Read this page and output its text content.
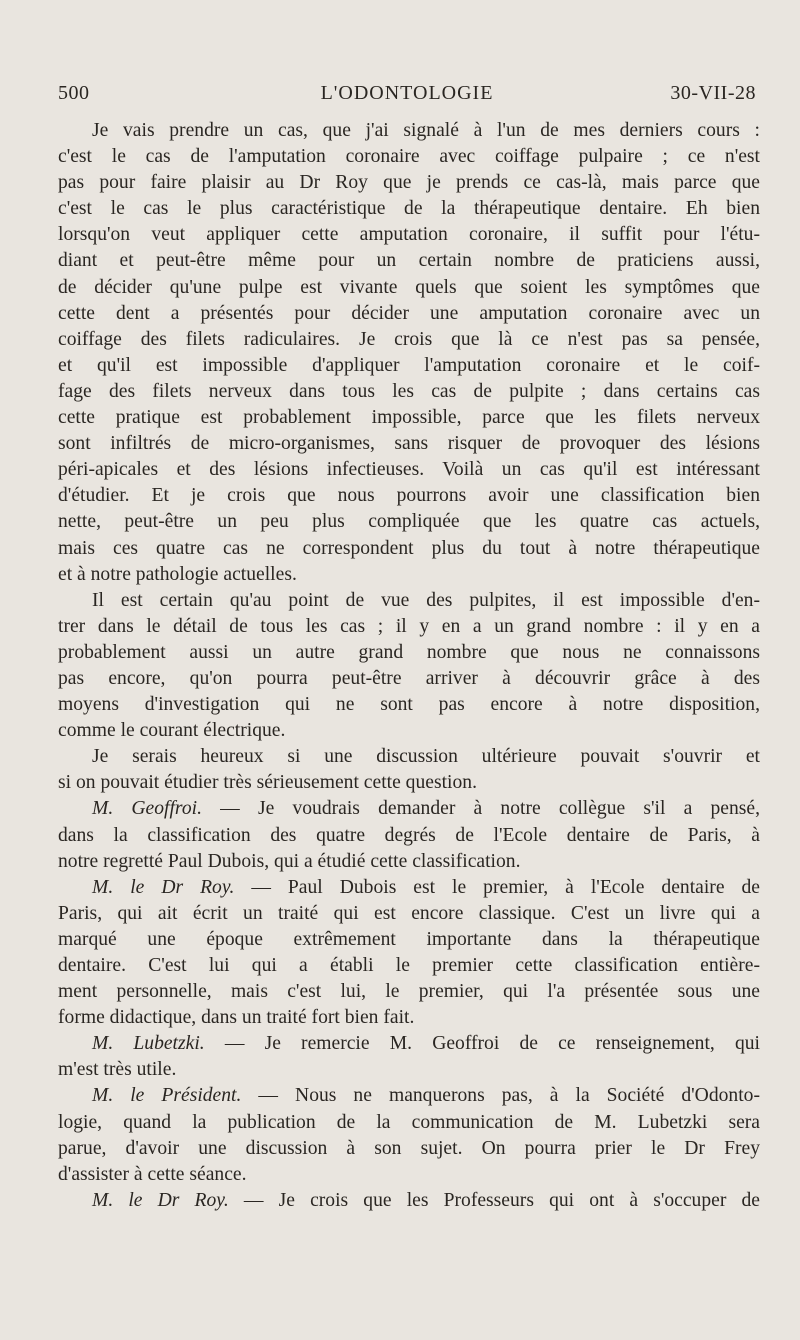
L'ODONTOLOGIE
500	30-VII-28
Je vais prendre un cas, que j'ai signalé à l'un de mes derniers cours :
c'est le cas de l'amputation coronaire avec coiffage pulpaire ; ce n'est
pas pour faire plaisir au Dr Roy que je prends ce cas-là, mais parce que
c'est le cas le plus caractéristique de la thérapeutique dentaire. Eh bien
lorsqu'on veut appliquer cette amputation coronaire, il suffit pour l'étu-
diant et peut-être même pour un certain nombre de praticiens aussi,
de décider qu'une pulpe est vivante quels que soient les symptômes que
cette dent a présentés pour décider une amputation coronaire avec un
coiffage des filets radiculaires. Je crois que là ce n'est pas sa pensée,
et qu'il est impossible d'appliquer l'amputation coronaire et le coif-
fage des filets nerveux dans tous les cas de pulpite ; dans certains cas
cette pratique est probablement impossible, parce que les filets nerveux
sont infiltrés de micro-organismes, sans risquer de provoquer des lésions
péri-apicales et des lésions infectieuses. Voilà un cas qu'il est intéressant
d'étudier. Et je crois que nous pourrons avoir une classification bien
nette, peut-être un peu plus compliquée que les quatre cas actuels,
mais ces quatre cas ne correspondent plus du tout à notre thérapeutique
et à notre pathologie actuelles.
Il est certain qu'au point de vue des pulpites, il est impossible d'en-
trer dans le détail de tous les cas ; il y en a un grand nombre : il y en a
probablement aussi un autre grand nombre que nous ne connaissons
pas encore, qu'on pourra peut-être arriver à découvrir grâce à des
moyens d'investigation qui ne sont pas encore à notre disposition,
comme le courant électrique.
Je serais heureux si une discussion ultérieure pouvait s'ouvrir et
si on pouvait étudier très sérieusement cette question.
M. Geoffroi. — Je voudrais demander à notre collègue s'il a pensé,
dans la classification des quatre degrés de l'Ecole dentaire de Paris, à
notre regretté Paul Dubois, qui a étudié cette classification.
M. le Dr Roy. — Paul Dubois est le premier, à l'Ecole dentaire de
Paris, qui ait écrit un traité qui est encore classique. C'est un livre qui a
marqué une époque extrêmement importante dans la thérapeutique
dentaire. C'est lui qui a établi le premier cette classification entière-
ment personnelle, mais c'est lui, le premier, qui l'a présentée sous une
forme didactique, dans un traité fort bien fait.
M. Lubetzki. — Je remercie M. Geoffroi de ce renseignement, qui
m'est très utile.
M. le Président. — Nous ne manquerons pas, à la Société d'Odonto-
logie, quand la publication de la communication de M. Lubetzki sera
parue, d'avoir une discussion à son sujet. On pourra prier le Dr Frey
d'assister à cette séance.
M. le Dr Roy. — Je crois que les Professeurs qui ont à s'occuper de
